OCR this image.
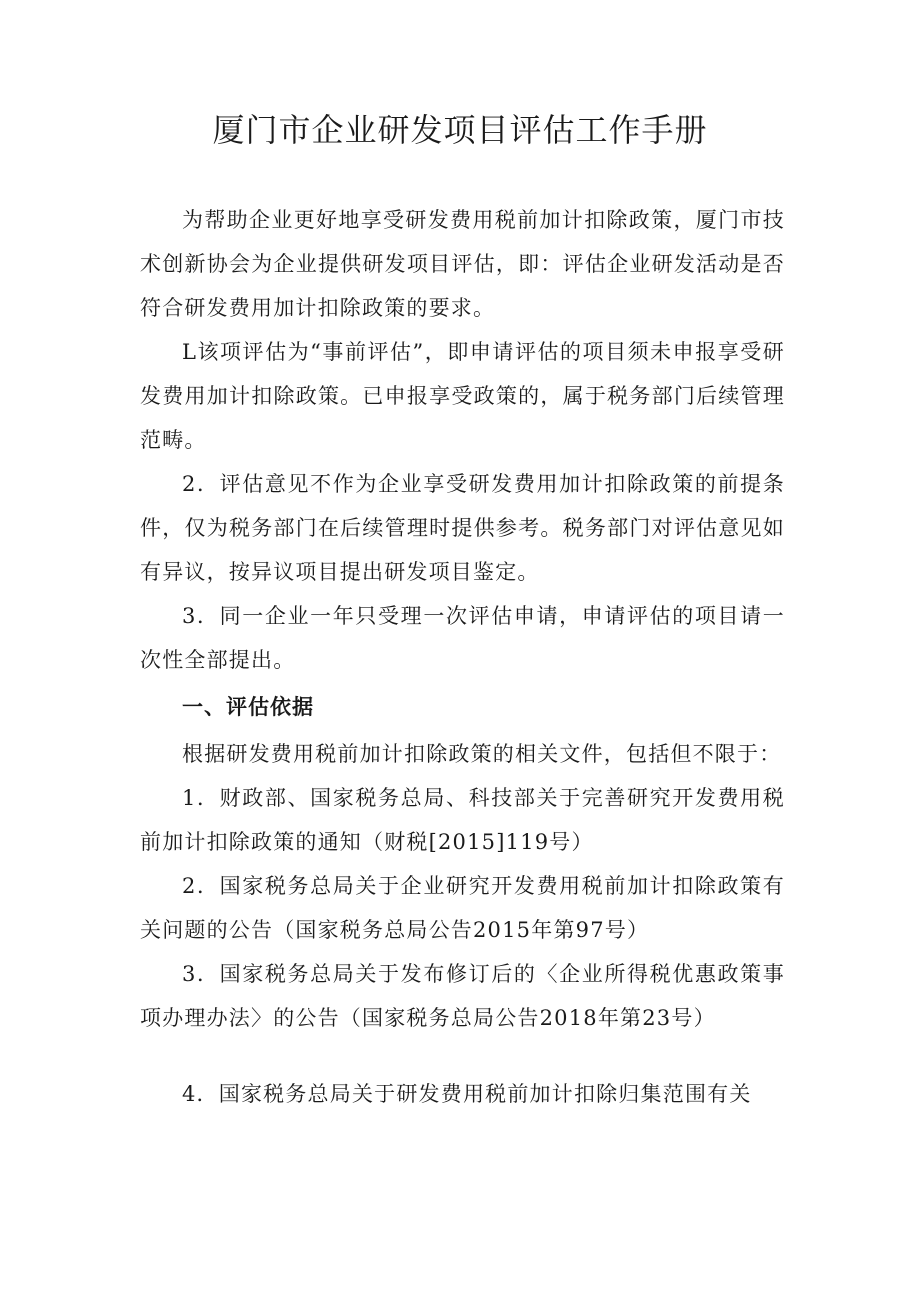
厦门市企业研发项目评估工作手册

为帮助企业更好地享受研发费用税前加计扣除政策，厦门市技术创新协会为企业提供研发项目评估，即：评估企业研发活动是否符合研发费用加计扣除政策的要求。

L该项评估为“事前评估”，即申请评估的项目须未申报享受研发费用加计扣除政策。已申报享受政策的，属于税务部门后续管理范畴。

2．评估意见不作为企业享受研发费用加计扣除政策的前提条件，仅为税务部门在后续管理时提供参考。税务部门对评估意见如有异议，按异议项目提出研发项目鉴定。

3．同一企业一年只受理一次评估申请，申请评估的项目请一次性全部提出。

一、评估依据

根据研发费用税前加计扣除政策的相关文件，包括但不限于：

1．财政部、国家税务总局、科技部关于完善研究开发费用税前加计扣除政策的通知（财税[2015]119号）

2．国家税务总局关于企业研究开发费用税前加计扣除政策有关问题的公告（国家税务总局公告2015年第97号）

3．国家税务总局关于发布修订后的〈企业所得税优惠政策事项办理办法〉的公告（国家税务总局公告2018年第23号）

4．国家税务总局关于研发费用税前加计扣除归集范围有关
